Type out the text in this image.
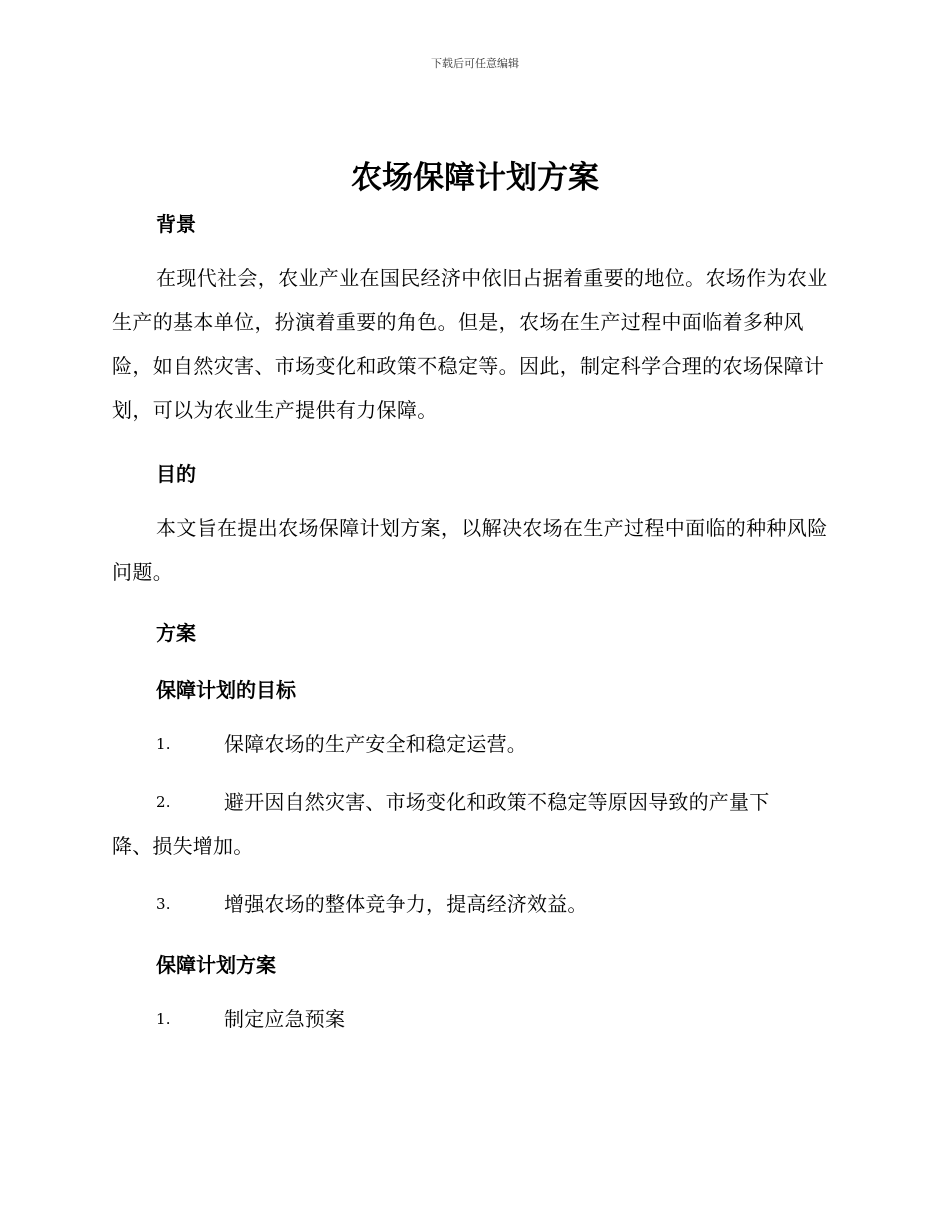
下载后可任意编辑
农场保障计划方案
背景

在现代社会，农业产业在国民经济中依旧占据着重要的地位。农场作为农业生产的基本单位，扮演着重要的角色。但是，农场在生产过程中面临着多种风险，如自然灾害、市场变化和政策不稳定等。因此，制定科学合理的农场保障计划，可以为农业生产提供有力保障。

目的

本文旨在提出农场保障计划方案，以解决农场在生产过程中面临的种种风险问题。

方案
保障计划的目标
1.	保障农场的生产安全和稳定运营。
2.	避开因自然灾害、市场变化和政策不稳定等原因导致的产量下
降、损失增加。
3.	增强农场的整体竞争力，提高经济效益。
保障计划方案
1.	制定应急预案
